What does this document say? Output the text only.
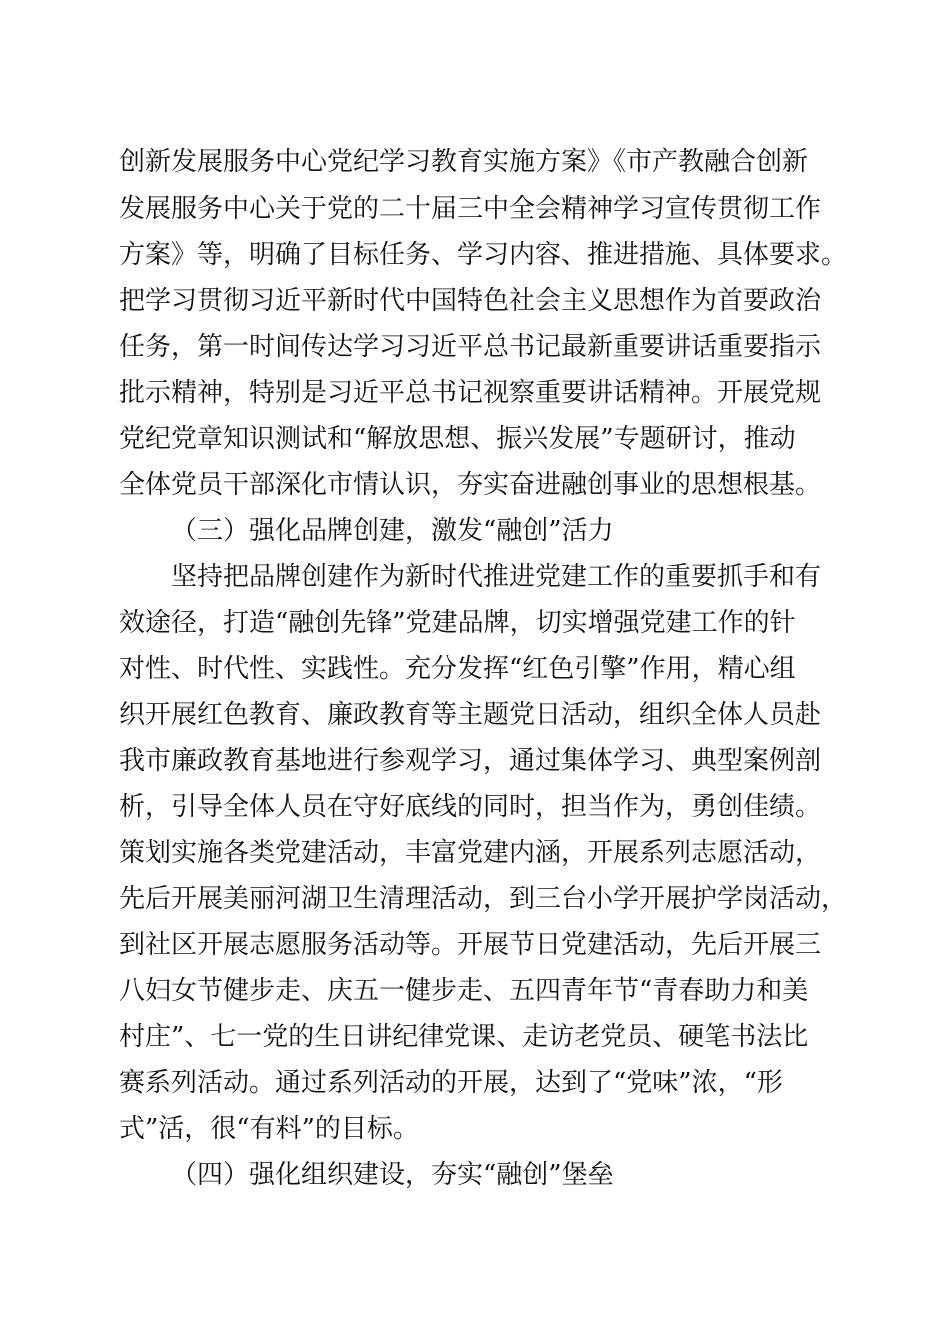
创新发展服务中心党纪学习教育实施方案》《市产教融合创新
发展服务中心关于党的二十届三中全会精神学习宣传贯彻工作
方案》等，明确了目标任务、学习内容、推进措施、具体要求。
把学习贯彻习近平新时代中国特色社会主义思想作为首要政治
任务，第一时间传达学习习近平总书记最新重要讲话重要指示
批示精神，特别是习近平总书记视察重要讲话精神。开展党规
党纪党章知识测试和“解放思想、振兴发展”专题研讨，推动
全体党员干部深化市情认识，夯实奋进融创事业的思想根基。
（三）强化品牌创建，激发“融创”活力
坚持把品牌创建作为新时代推进党建工作的重要抓手和有
效途径，打造“融创先锋”党建品牌，切实增强党建工作的针
对性、时代性、实践性。充分发挥“红色引擎”作用，精心组
织开展红色教育、廉政教育等主题党日活动，组织全体人员赴
我市廉政教育基地进行参观学习，通过集体学习、典型案例剖
析，引导全体人员在守好底线的同时，担当作为，勇创佳绩。
策划实施各类党建活动，丰富党建内涵，开展系列志愿活动，
先后开展美丽河湖卫生清理活动，到三台小学开展护学岗活动，
到社区开展志愿服务活动等。开展节日党建活动，先后开展三
八妇女节健步走、庆五一健步走、五四青年节“青春助力和美
村庄”、七一党的生日讲纪律党课、走访老党员、硬笔书法比
赛系列活动。通过系列活动的开展，达到了“党味”浓，“形
式”活，很“有料”的目标。
（四）强化组织建设，夯实“融创”堡垒
